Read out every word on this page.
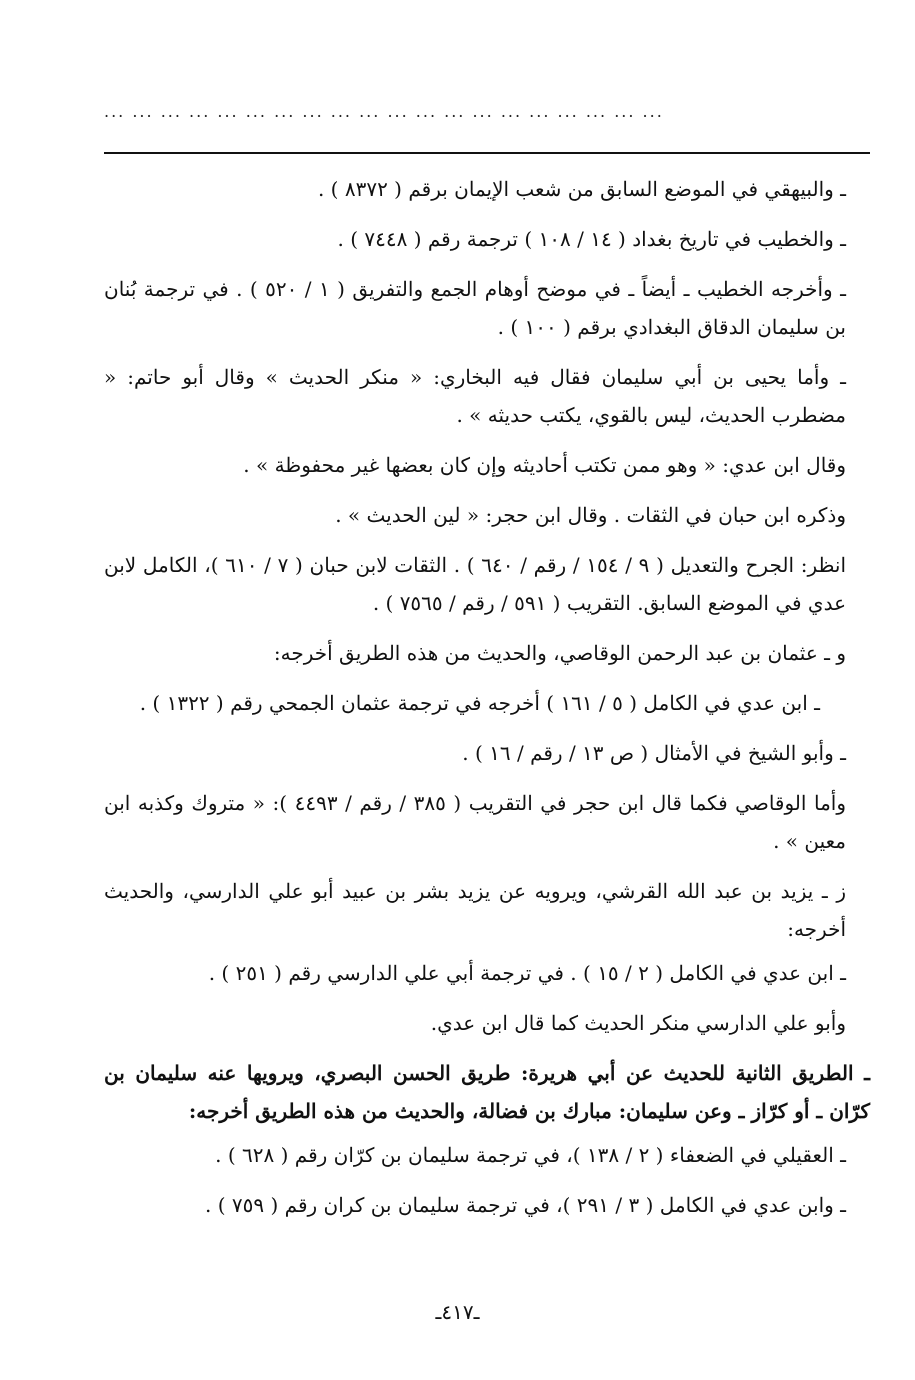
... ... ... ... ... ... ... ... ... ... ... ... ... ... ... ... ... ... ... ...

ـ والبيهقي في الموضع السابق من شعب الإيمان برقم ( ٨٣٧٢ ) .

ـ والخطيب في تاريخ بغداد ( ١٤ / ١٠٨ ) ترجمة رقم ( ٧٤٤٨ ) .

ـ وأخرجه الخطيب ـ أيضاً ـ في موضح أوهام الجمع والتفريق ( ١ / ٥٢٠ ) . في ترجمة بُنان بن سليمان الدقاق البغدادي برقم ( ١٠٠ ) .

ـ وأما يحيى بن أبي سليمان فقال فيه البخاري: « منكر الحديث » وقال أبو حاتم: « مضطرب الحديث، ليس بالقوي، يكتب حديثه » .

وقال ابن عدي: « وهو ممن تكتب أحاديثه وإن كان بعضها غير محفوظة » .

وذكره ابن حبان في الثقات . وقال ابن حجر: « لين الحديث » .

انظر: الجرح والتعديل ( ٩ / ١٥٤ / رقم / ٦٤٠ ) . الثقات لابن حبان ( ٧ / ٦١٠ )، الكامل لابن عدي في الموضع السابق. التقريب ( ٥٩١ / رقم / ٧٥٦٥ ) .

و ـ عثمان بن عبد الرحمن الوقاصي، والحديث من هذه الطريق أخرجه:

ـ ابن عدي في الكامل ( ٥ / ١٦١ ) أخرجه في ترجمة عثمان الجمحي رقم ( ١٣٢٢ ) .

ـ وأبو الشيخ في الأمثال ( ص ١٣ / رقم / ١٦ ) .

وأما الوقاصي فكما قال ابن حجر في التقريب ( ٣٨٥ / رقم / ٤٤٩٣ ): « متروك وكذبه ابن معين » .

ز ـ يزيد بن عبد الله القرشي، ويرويه عن يزيد بشر بن عبيد أبو علي الدارسي، والحديث أخرجه:

ـ ابن عدي في الكامل ( ٢ / ١٥ ) . في ترجمة أبي علي الدارسي رقم ( ٢٥١ ) .

وأبو علي الدارسي منكر الحديث كما قال ابن عدي.

ـ الطريق الثانية للحديث عن أبي هريرة: طريق الحسن البصري، ويرويها عنه سليمان بن كرّان ـ أو كرّاز ـ وعن سليمان: مبارك بن فضالة، والحديث من هذه الطريق أخرجه:

ـ العقيلي في الضعفاء ( ٢ / ١٣٨ )، في ترجمة سليمان بن كرّان رقم ( ٦٢٨ ) .

ـ وابن عدي في الكامل ( ٣ / ٢٩١ )، في ترجمة سليمان بن كران رقم ( ٧٥٩ ) .

ـ٤١٧ـ
